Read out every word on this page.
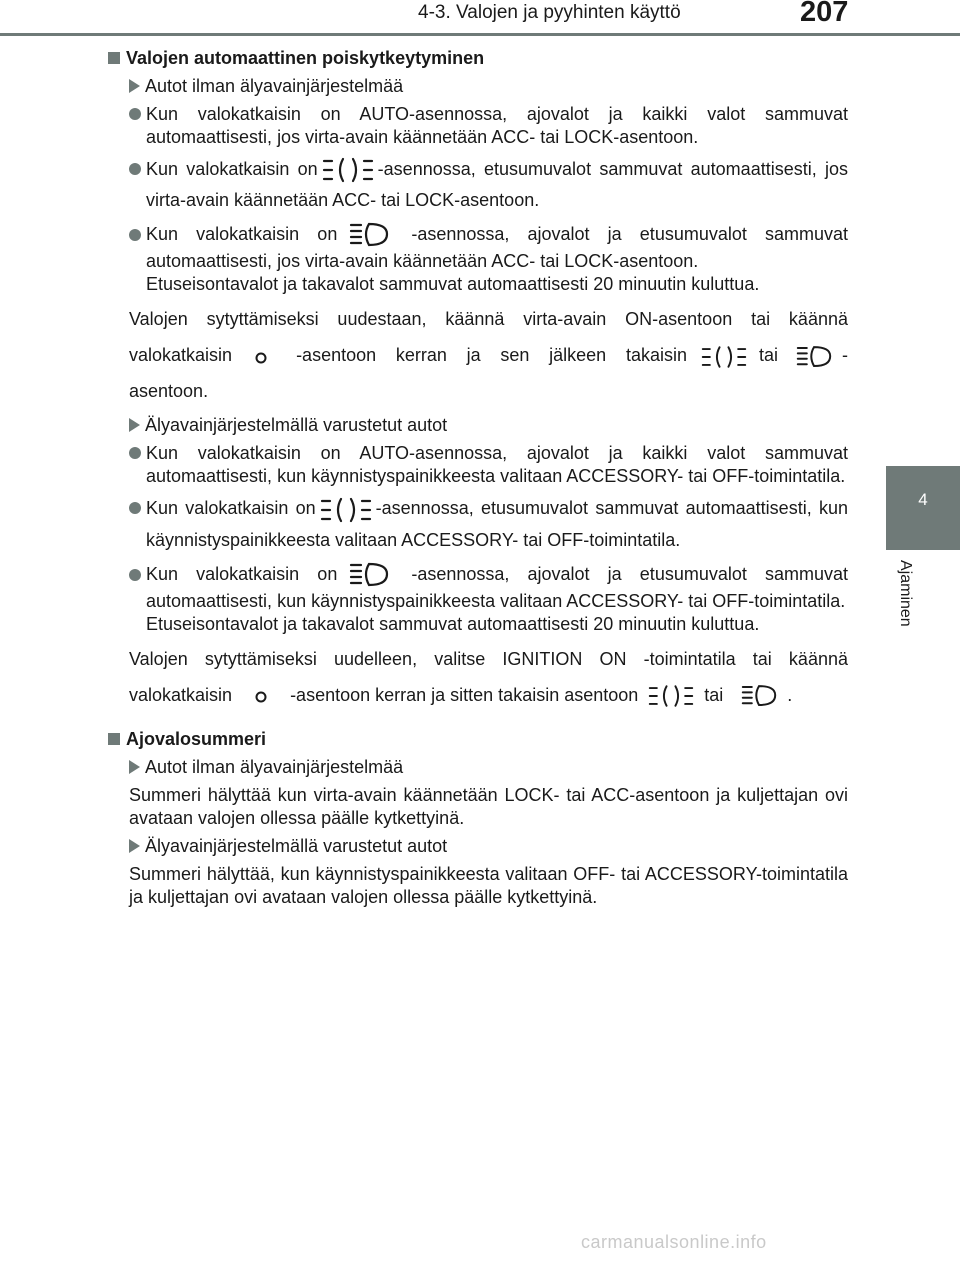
4-3. Valojen ja pyyhinten käyttö	207
4
Ajaminen
Valojen automaattinen poiskytkeytyminen
Autot ilman älyavainjärjestelmää
Kun valokatkaisin on AUTO-asennossa, ajovalot ja kaikki valot sammuvat automaattisesti, jos virta-avain käännetään ACC- tai LOCK-asentoon.
Kun valokatkaisin on	-asennossa, etusumuvalot sammuvat automaattisesti, jos virta-avain käännetään ACC- tai LOCK-asentoon.
Kun valokatkaisin on	-asennossa, ajovalot ja etusumuvalot sammuvat automaattisesti, jos virta-avain käännetään ACC- tai LOCK-asentoon.
Etuseisontavalot ja takavalot sammuvat automaattisesti 20 minuutin kuluttua.
Valojen sytyttämiseksi uudestaan, käännä virta-avain ON-asentoon tai käännä valokatkaisin	-asentoon kerran ja sen jälkeen takaisin	tai	-asentoon.
Älyavainjärjestelmällä varustetut autot
Kun valokatkaisin on AUTO-asennossa, ajovalot ja kaikki valot sammuvat automaattisesti, kun käynnistyspainikkeesta valitaan ACCESSORY- tai OFF-toimintatila.
Kun valokatkaisin on	-asennossa, etusumuvalot sammuvat automaattisesti, kun käynnistyspainikkeesta valitaan ACCESSORY- tai OFF-toimintatila.
Kun valokatkaisin on	-asennossa, ajovalot ja etusumuvalot sammuvat automaattisesti, kun käynnistyspainikkeesta valitaan ACCESSORY- tai OFF-toimintatila.
Etuseisontavalot ja takavalot sammuvat automaattisesti 20 minuutin kuluttua.
Valojen sytyttämiseksi uudelleen, valitse IGNITION ON -toimintatila tai käännä valokatkaisin	-asentoon kerran ja sitten takaisin asentoon	tai	.
Ajovalosummeri
Autot ilman älyavainjärjestelmää
Summeri hälyttää kun virta-avain käännetään LOCK- tai ACC-asentoon ja kuljettajan ovi avataan valojen ollessa päälle kytkettyinä.
Älyavainjärjestelmällä varustetut autot
Summeri hälyttää, kun käynnistyspainikkeesta valitaan OFF- tai ACCESSORY-toimintatila ja kuljettajan ovi avataan valojen ollessa päälle kytkettyinä.
carmanualsonline.info
